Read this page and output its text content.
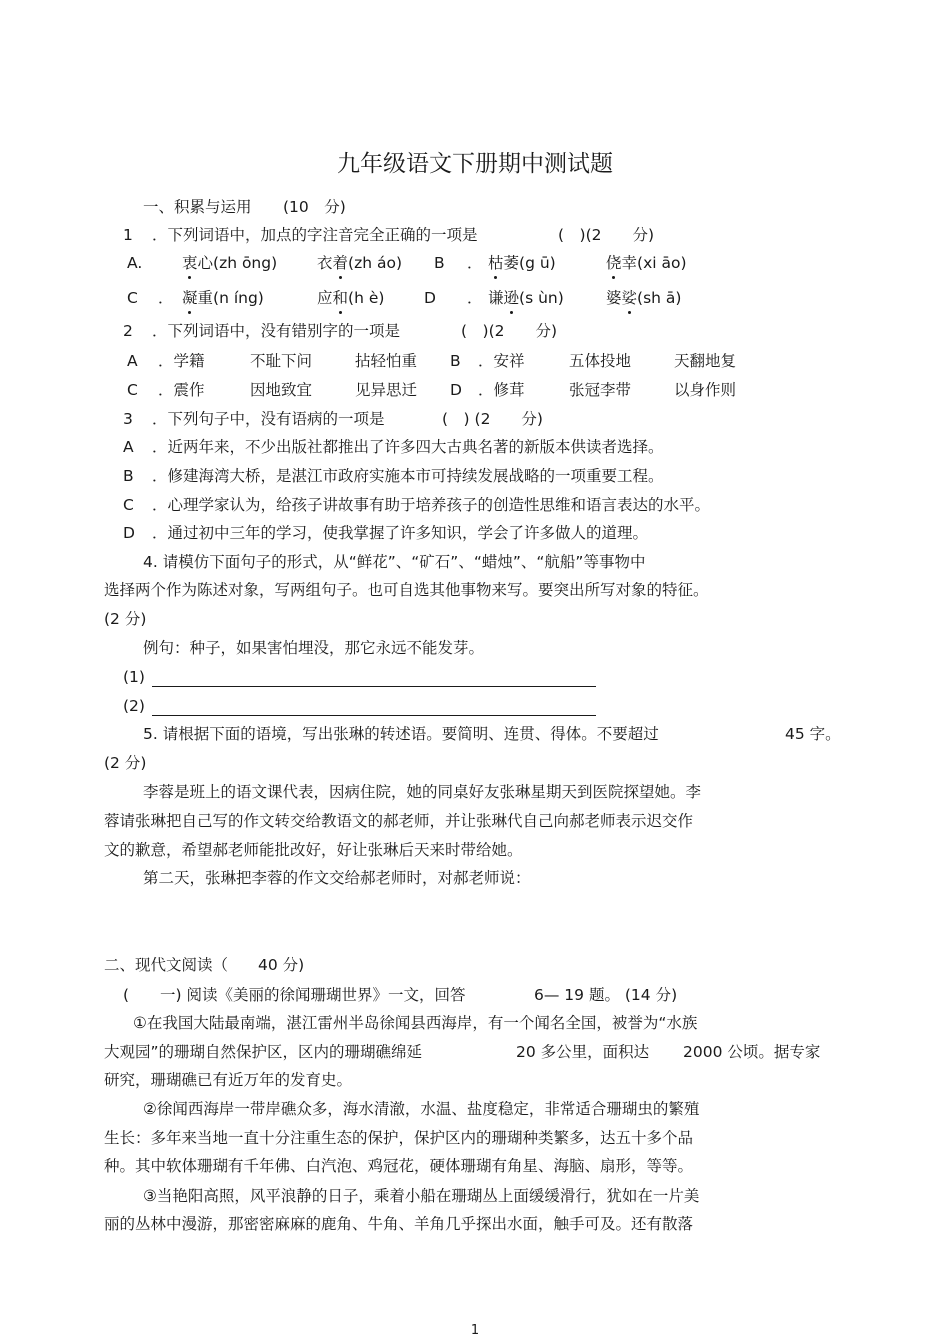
九年级语文下册期中测试题
一、积累与运用 (10　分)
1 ．下列词语中，加点的字注音完全正确的一项是	(　)(2　　分)
A.	衷心(zh ōng)	衣着(zh áo) B ． 枯萎(g ū)	侥幸(xi āo)
C ． 凝重(n íng)	应和(h è)	D ． 谦逊(s ùn)	婆娑(sh ā)
2 ．下列词语中，没有错别字的一项是	(　)(2　　分)
A ．学籍	不耻下问	拈轻怕重 B ．安祥	五体投地	天翻地复
C ．震作	因地致宜	见异思迁 D ．修茸	张冠李带	以身作则
3 ．下列句子中，没有语病的一项是	(　) (2　　分)
A ．近两年来，不少出版社都推出了许多四大古典名著的新版本供读者选择。
B ．修建海湾大桥，是湛江市政府实施本市可持续发展战略的一项重要工程。
C ．心理学家认为，给孩子讲故事有助于培养孩子的创造性思维和语言表达的水平。
D ．通过初中三年的学习，使我掌握了许多知识，学会了许多做人的道理。
4. 请模仿下面句子的形式，从“鲜花”、“矿石”、“蜡烛”、“航船”等事物中
选择两个作为陈述对象，写两组句子。也可自选其他事物来写。要突出所写对象的特征。
(2 分)
例句：种子，如果害怕埋没，那它永远不能发芽。
(1)
(2)
5. 请根据下面的语境，写出张琳的转述语。要简明、连贯、得体。不要超过	45 字。
(2 分)
李蓉是班上的语文课代表，因病住院，她的同桌好友张琳星期天到医院探望她。李
蓉请张琳把自己写的作文转交给教语文的郝老师，并让张琳代自己向郝老师表示迟交作
文的歉意，希望郝老师能批改好，好让张琳后天来时带给她。
第二天，张琳把李蓉的作文交给郝老师时，对郝老师说：
二、现代文阅读（ 40 分)
(　　一) 阅读《美丽的徐闻珊瑚世界》一文，回答	6— 19 题。 (14 分)
①在我国大陆最南端，湛江雷州半岛徐闻县西海岸，有一个闻名全国，被誉为“水族
大观园”的珊瑚自然保护区，区内的珊瑚礁绵延	20 多公里，面积达 2000 公顷。据专家
研究，珊瑚礁已有近万年的发育史。
②徐闻西海岸一带岸礁众多，海水清澈，水温、盐度稳定，非常适合珊瑚虫的繁殖
生长：多年来当地一直十分注重生态的保护，保护区内的珊瑚种类繁多，达五十多个品
种。其中软体珊瑚有千年佛、白汽泡、鸡冠花，硬体珊瑚有角星、海脑、扇形，等等。
③当艳阳高照，风平浪静的日子，乘着小船在珊瑚丛上面缓缓滑行，犹如在一片美
丽的丛林中漫游，那密密麻麻的鹿角、牛角、羊角几乎探出水面，触手可及。还有散落
1
